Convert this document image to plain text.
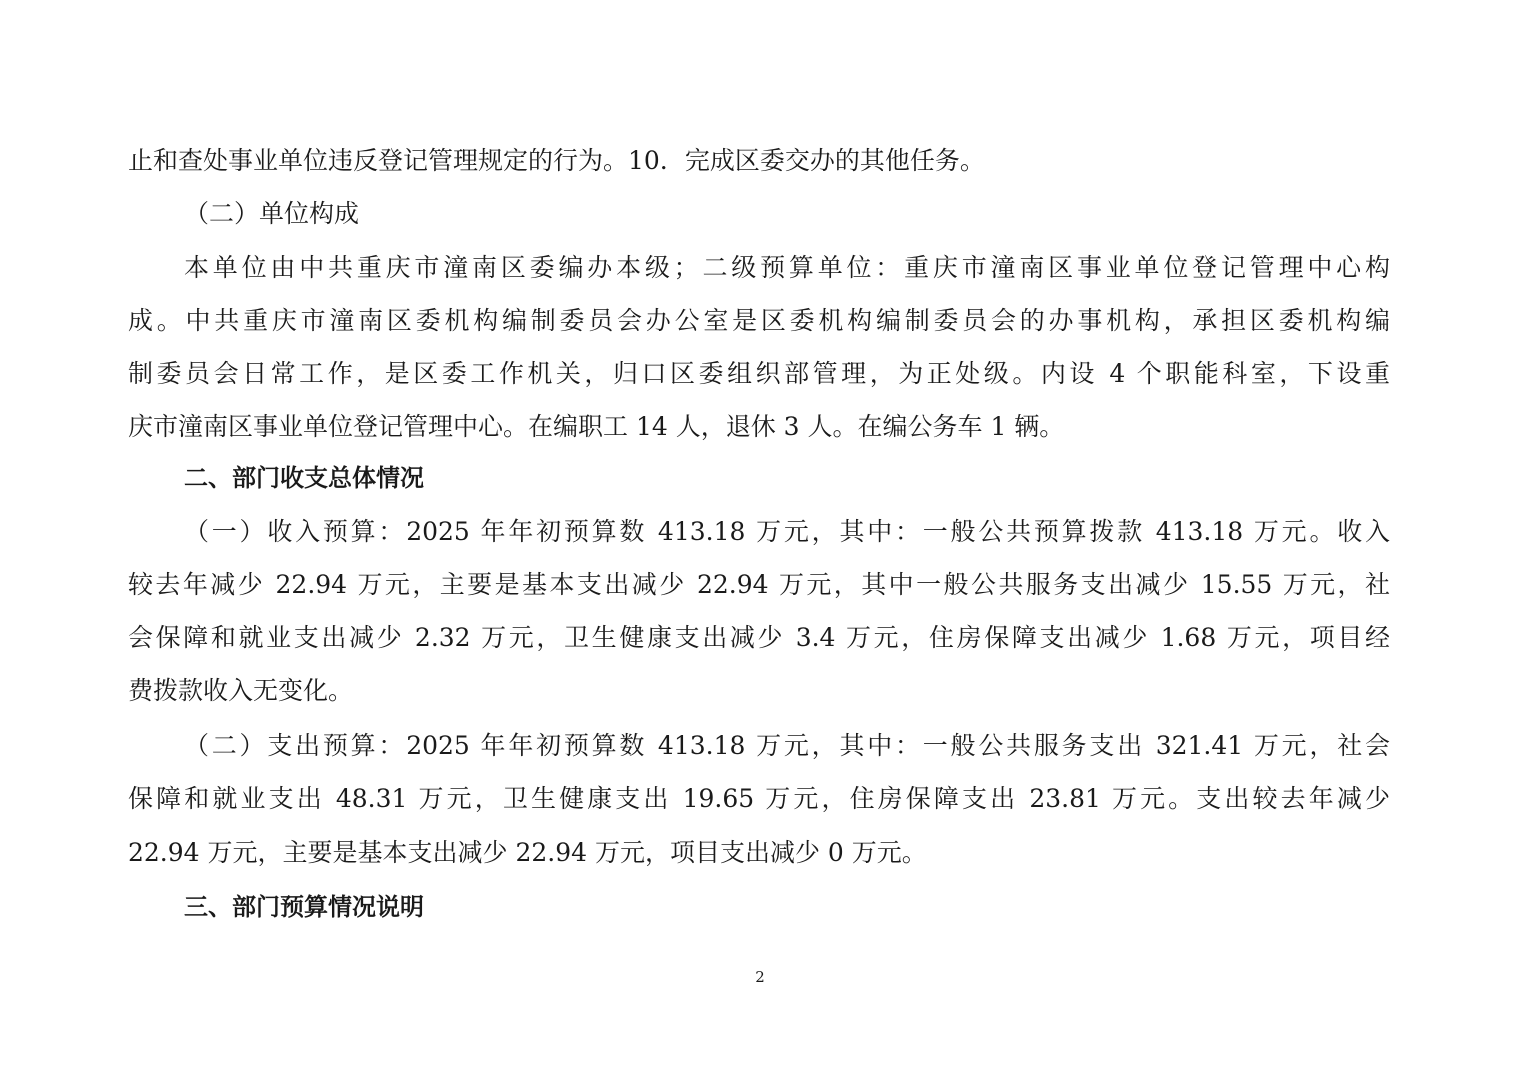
止和查处事业单位违反登记管理规定的行为。10．完成区委交办的其他任务。
（二）单位构成
本单位由中共重庆市潼南区委编办本级；二级预算单位：重庆市潼南区事业单位登记管理中心构
成。中共重庆市潼南区委机构编制委员会办公室是区委机构编制委员会的办事机构，承担区委机构编
制委员会日常工作，是区委工作机关，归口区委组织部管理，为正处级。内设 4 个职能科室，下设重
庆市潼南区事业单位登记管理中心。在编职工 14 人，退休 3 人。在编公务车 1 辆。
二、部门收支总体情况
（一）收入预算：2025 年年初预算数 413.18 万元，其中：一般公共预算拨款 413.18 万元。收入
较去年减少 22.94 万元，主要是基本支出减少 22.94 万元，其中一般公共服务支出减少 15.55 万元，社
会保障和就业支出减少 2.32 万元，卫生健康支出减少 3.4 万元，住房保障支出减少 1.68 万元，项目经
费拨款收入无变化。
（二）支出预算：2025 年年初预算数 413.18 万元，其中：一般公共服务支出 321.41 万元，社会
保障和就业支出 48.31 万元，卫生健康支出 19.65 万元，住房保障支出 23.81 万元。支出较去年减少
22.94 万元，主要是基本支出减少 22.94 万元，项目支出减少 0 万元。
三、部门预算情况说明
2
